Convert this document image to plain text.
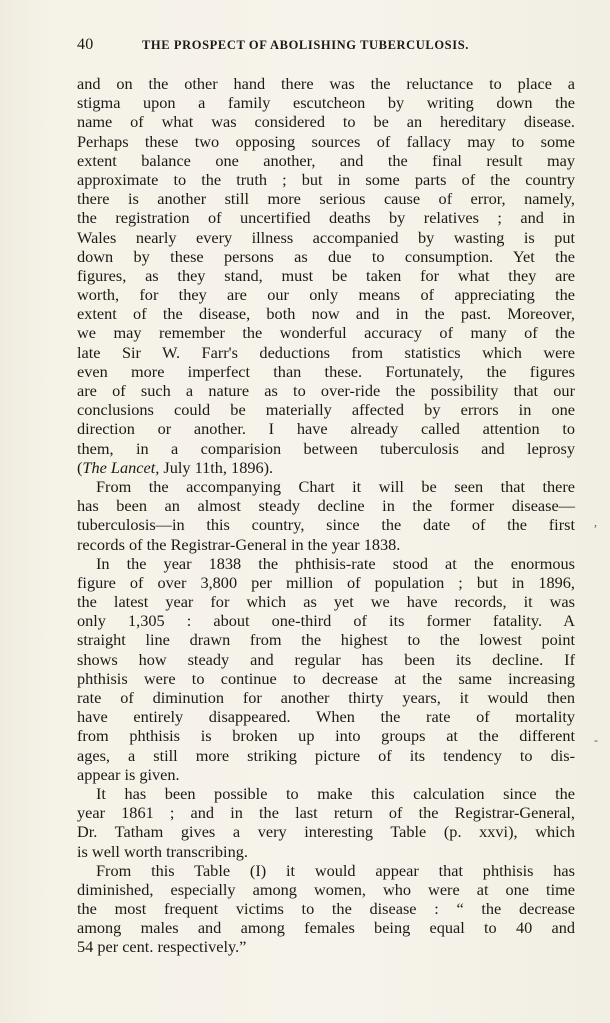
40	THE PROSPECT OF ABOLISHING TUBERCULOSIS.
and on the other hand there was the reluctance to place a
stigma upon a family escutcheon by writing down the
name of what was considered to be an hereditary disease.
Perhaps these two opposing sources of fallacy may to some
extent balance one another, and the final result may
approximate to the truth ; but in some parts of the country
there is another still more serious cause of error, namely,
the registration of uncertified deaths by relatives ; and in
Wales nearly every illness accompanied by wasting is put
down by these persons as due to consumption. Yet the
figures, as they stand, must be taken for what they are
worth, for they are our only means of appreciating the
extent of the disease, both now and in the past. Moreover,
we may remember the wonderful accuracy of many of the
late Sir W. Farr's deductions from statistics which were
even more imperfect than these. Fortunately, the figures
are of such a nature as to over-ride the possibility that our
conclusions could be materially affected by errors in one
direction or another. I have already called attention to
them, in a comparision between tuberculosis and leprosy
(The Lancet, July 11th, 1896).
From the accompanying Chart it will be seen that there
has been an almost steady decline in the former disease—
tuberculosis—in this country, since the date of the first
records of the Registrar-General in the year 1838.
In the year 1838 the phthisis-rate stood at the enormous
figure of over 3,800 per million of population ; but in 1896,
the latest year for which as yet we have records, it was
only 1,305 : about one-third of its former fatality. A
straight line drawn from the highest to the lowest point
shows how steady and regular has been its decline. If
phthisis were to continue to decrease at the same increasing
rate of diminution for another thirty years, it would then
have entirely disappeared. When the rate of mortality
from phthisis is broken up into groups at the different
ages, a still more striking picture of its tendency to dis-
appear is given.
It has been possible to make this calculation since the
year 1861 ; and in the last return of the Registrar-General,
Dr. Tatham gives a very interesting Table (p. xxvi), which
is well worth transcribing.
From this Table (I) it would appear that phthisis has
diminished, especially among women, who were at one time
the most frequent victims to the disease : “ the decrease
among males and among females being equal to 40 and
54 per cent. respectively.”
,
-
